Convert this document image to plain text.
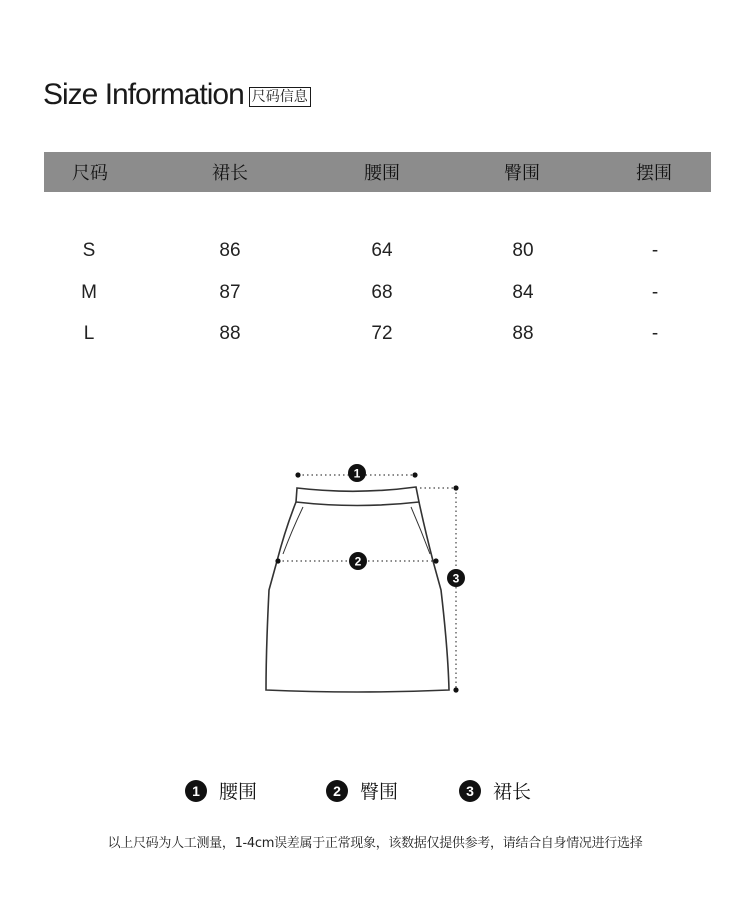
Size Information 尺码信息
尺码	裙长	腰围	臀围	摆围
S	86	64	80	-
M	87	68	84	-
L	88	72	88	-
1
2
3
1	腰围	2	臀围	3	裙长
以上尺码为人工测量，1-4cm误差属于正常现象，该数据仅提供参考，请结合自身情况进行选择
